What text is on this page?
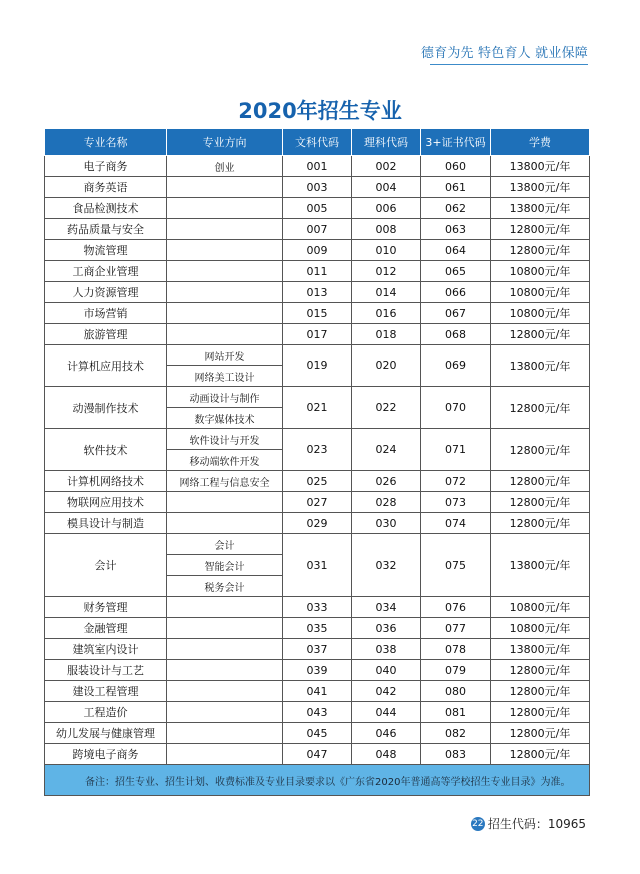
德育为先 特色育人 就业保障
2020年招生专业
专业名称	专业方向	文科代码	理科代码	3+证书代码	学费
电子商务	创业	001	002	060	13800元/年
商务英语		003	004	061	13800元/年
食品检测技术		005	006	062	13800元/年
药品质量与安全		007	008	063	12800元/年
物流管理		009	010	064	12800元/年
工商企业管理		011	012	065	10800元/年
人力资源管理		013	014	066	10800元/年
市场营销		015	016	067	10800元/年
旅游管理		017	018	068	12800元/年
计算机应用技术	网站开发	019	020	069	13800元/年
	网络美工设计				
动漫制作技术	动画设计与制作	021	022	070	12800元/年
	数字媒体技术				
软件技术	软件设计与开发	023	024	071	12800元/年
	移动端软件开发				
计算机网络技术	网络工程与信息安全	025	026	072	12800元/年
物联网应用技术		027	028	073	12800元/年
模具设计与制造		029	030	074	12800元/年
会计	会计	031	032	075	13800元/年
	智能会计				
	税务会计				
财务管理		033	034	076	10800元/年
金融管理		035	036	077	10800元/年
建筑室内设计		037	038	078	13800元/年
服装设计与工艺		039	040	079	12800元/年
建设工程管理		041	042	080	12800元/年
工程造价		043	044	081	12800元/年
幼儿发展与健康管理		045	046	082	12800元/年
跨境电子商务		047	048	083	12800元/年
备注：招生专业、招生计划、收费标准及专业目录要求以《广东省2020年普通高等学校招生专业目录》为准。					
22 招生代码：10965
